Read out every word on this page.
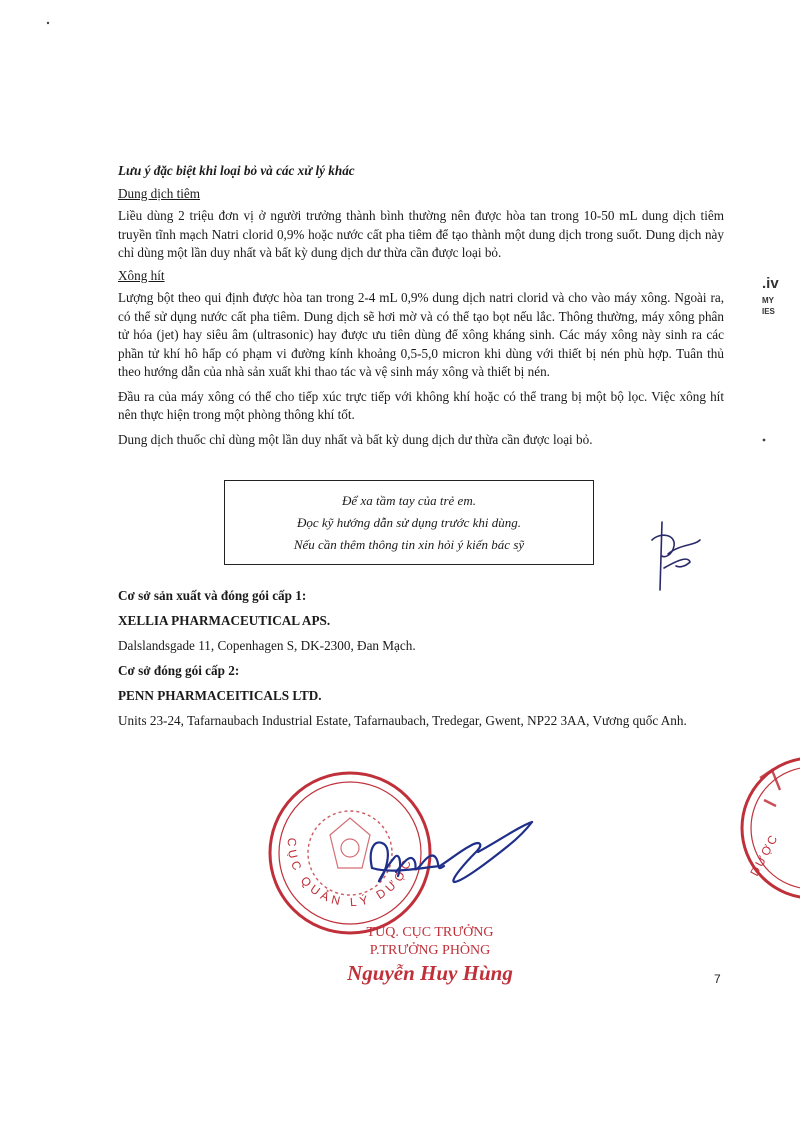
.iv
MY
IES

Lưu ý đặc biệt khi loại bỏ và các xử lý khác

Dung dịch tiêm

Liều dùng 2 triệu đơn vị ở người trưởng thành bình thường nên được hòa tan trong 10-50 mL dung dịch tiêm truyền tĩnh mạch Natri clorid 0,9% hoặc nước cất pha tiêm để tạo thành một dung dịch trong suốt. Dung dịch này chỉ dùng một lần duy nhất và bất kỳ dung dịch dư thừa cần được loại bỏ.

Xông hít

Lượng bột theo qui định được hòa tan trong 2-4 mL 0,9% dung dịch natri clorid và cho vào máy xông. Ngoài ra, có thể sử dụng nước cất pha tiêm. Dung dịch sẽ hơi mờ và có thể tạo bọt nếu lắc. Thông thường, máy xông phân tử hóa (jet) hay siêu âm (ultrasonic) hay được ưu tiên dùng để xông kháng sinh. Các máy xông này sinh ra các phần tử khí hô hấp có phạm vi đường kính khoảng 0,5-5,0 micron khi dùng với thiết bị nén phù hợp. Tuân thủ theo hướng dẫn của nhà sản xuất khi thao tác và vệ sinh máy xông và thiết bị nén.

Đầu ra của máy xông có thể cho tiếp xúc trực tiếp với không khí hoặc có thể trang bị một bộ lọc. Việc xông hít nên thực hiện trong một phòng thông khí tốt.

Dung dịch thuốc chỉ dùng một lần duy nhất và bất kỳ dung dịch dư thừa cần được loại bỏ.

Để xa tầm tay của trẻ em.
Đọc kỹ hướng dẫn sử dụng trước khi dùng.
Nếu cần thêm thông tin xin hỏi ý kiến bác sỹ
Cơ sở sản xuất và đóng gói cấp 1:
XELLIA PHARMACEUTICAL APS.
Dalslandsgade 11, Copenhagen S, DK-2300, Đan Mạch.
Cơ sở đóng gói cấp 2:
PENN PHARMACEITICALS LTD.
Units 23-24, Tafarnaubach Industrial Estate, Tafarnaubach, Tredegar, Gwent, NP22 3AA, Vương quốc Anh.
CỤC QUẢN LÝ DƯỢC	DƯỢC
TUQ. CỤC TRƯỞNG
P.TRƯỞNG PHÒNG
Nguyễn Huy Hùng	7
